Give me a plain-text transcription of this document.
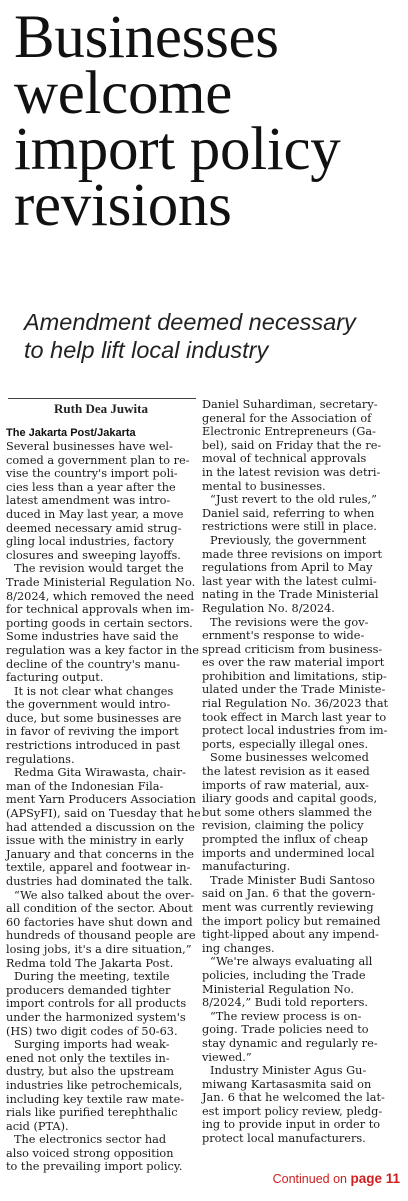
Businesses
welcome
import policy
revisions
Amendment deemed necessary
to help lift local industry
Ruth Dea Juwita
The Jakarta Post/Jakarta
Several businesses have wel-
comed a government plan to re-
vise the country's import poli-
cies less than a year after the
latest amendment was intro-
duced in May last year, a move
deemed necessary amid strug-
gling local industries, factory
closures and sweeping layoffs.
The revision would target the
Trade Ministerial Regulation No.
8/2024, which removed the need
for technical approvals when im-
porting goods in certain sectors.
Some industries have said the
regulation was a key factor in the
decline of the country's manu-
facturing output.
It is not clear what changes
the government would intro-
duce, but some businesses are
in favor of reviving the import
restrictions introduced in past
regulations.
Redma Gita Wirawasta, chair-
man of the Indonesian Fila-
ment Yarn Producers Association
(APSyFI), said on Tuesday that he
had attended a discussion on the
issue with the ministry in early
January and that concerns in the
textile, apparel and footwear in-
dustries had dominated the talk.
“We also talked about the over-
all condition of the sector. About
60 factories have shut down and
hundreds of thousand people are
losing jobs, it's a dire situation,”
Redma told The Jakarta Post.
During the meeting, textile
producers demanded tighter
import controls for all products
under the harmonized system's
(HS) two digit codes of 50-63.
Surging imports had weak-
ened not only the textiles in-
dustry, but also the upstream
industries like petrochemicals,
including key textile raw mate-
rials like purified terephthalic
acid (PTA).
The electronics sector had
also voiced strong opposition
to the prevailing import policy.
Daniel Suhardiman, secretary-
general for the Association of
Electronic Entrepreneurs (Ga-
bel), said on Friday that the re-
moval of technical approvals
in the latest revision was detri-
mental to businesses.
“Just revert to the old rules,”
Daniel said, referring to when
restrictions were still in place.
Previously, the government
made three revisions on import
regulations from April to May
last year with the latest culmi-
nating in the Trade Ministerial
Regulation No. 8/2024.
The revisions were the gov-
ernment's response to wide-
spread criticism from business-
es over the raw material import
prohibition and limitations, stip-
ulated under the Trade Ministe-
rial Regulation No. 36/2023 that
took effect in March last year to
protect local industries from im-
ports, especially illegal ones.
Some businesses welcomed
the latest revision as it eased
imports of raw material, aux-
iliary goods and capital goods,
but some others slammed the
revision, claiming the policy
prompted the influx of cheap
imports and undermined local
manufacturing.
Trade Minister Budi Santoso
said on Jan. 6 that the govern-
ment was currently reviewing
the import policy but remained
tight-lipped about any impend-
ing changes.
“We're always evaluating all
policies, including the Trade
Ministerial Regulation No.
8/2024,” Budi told reporters.
“The review process is on-
going. Trade policies need to
stay dynamic and regularly re-
viewed.”
Industry Minister Agus Gu-
miwang Kartasasmita said on
Jan. 6 that he welcomed the lat-
est import policy review, pledg-
ing to provide input in order to
protect local manufacturers.
Continued on page 11
